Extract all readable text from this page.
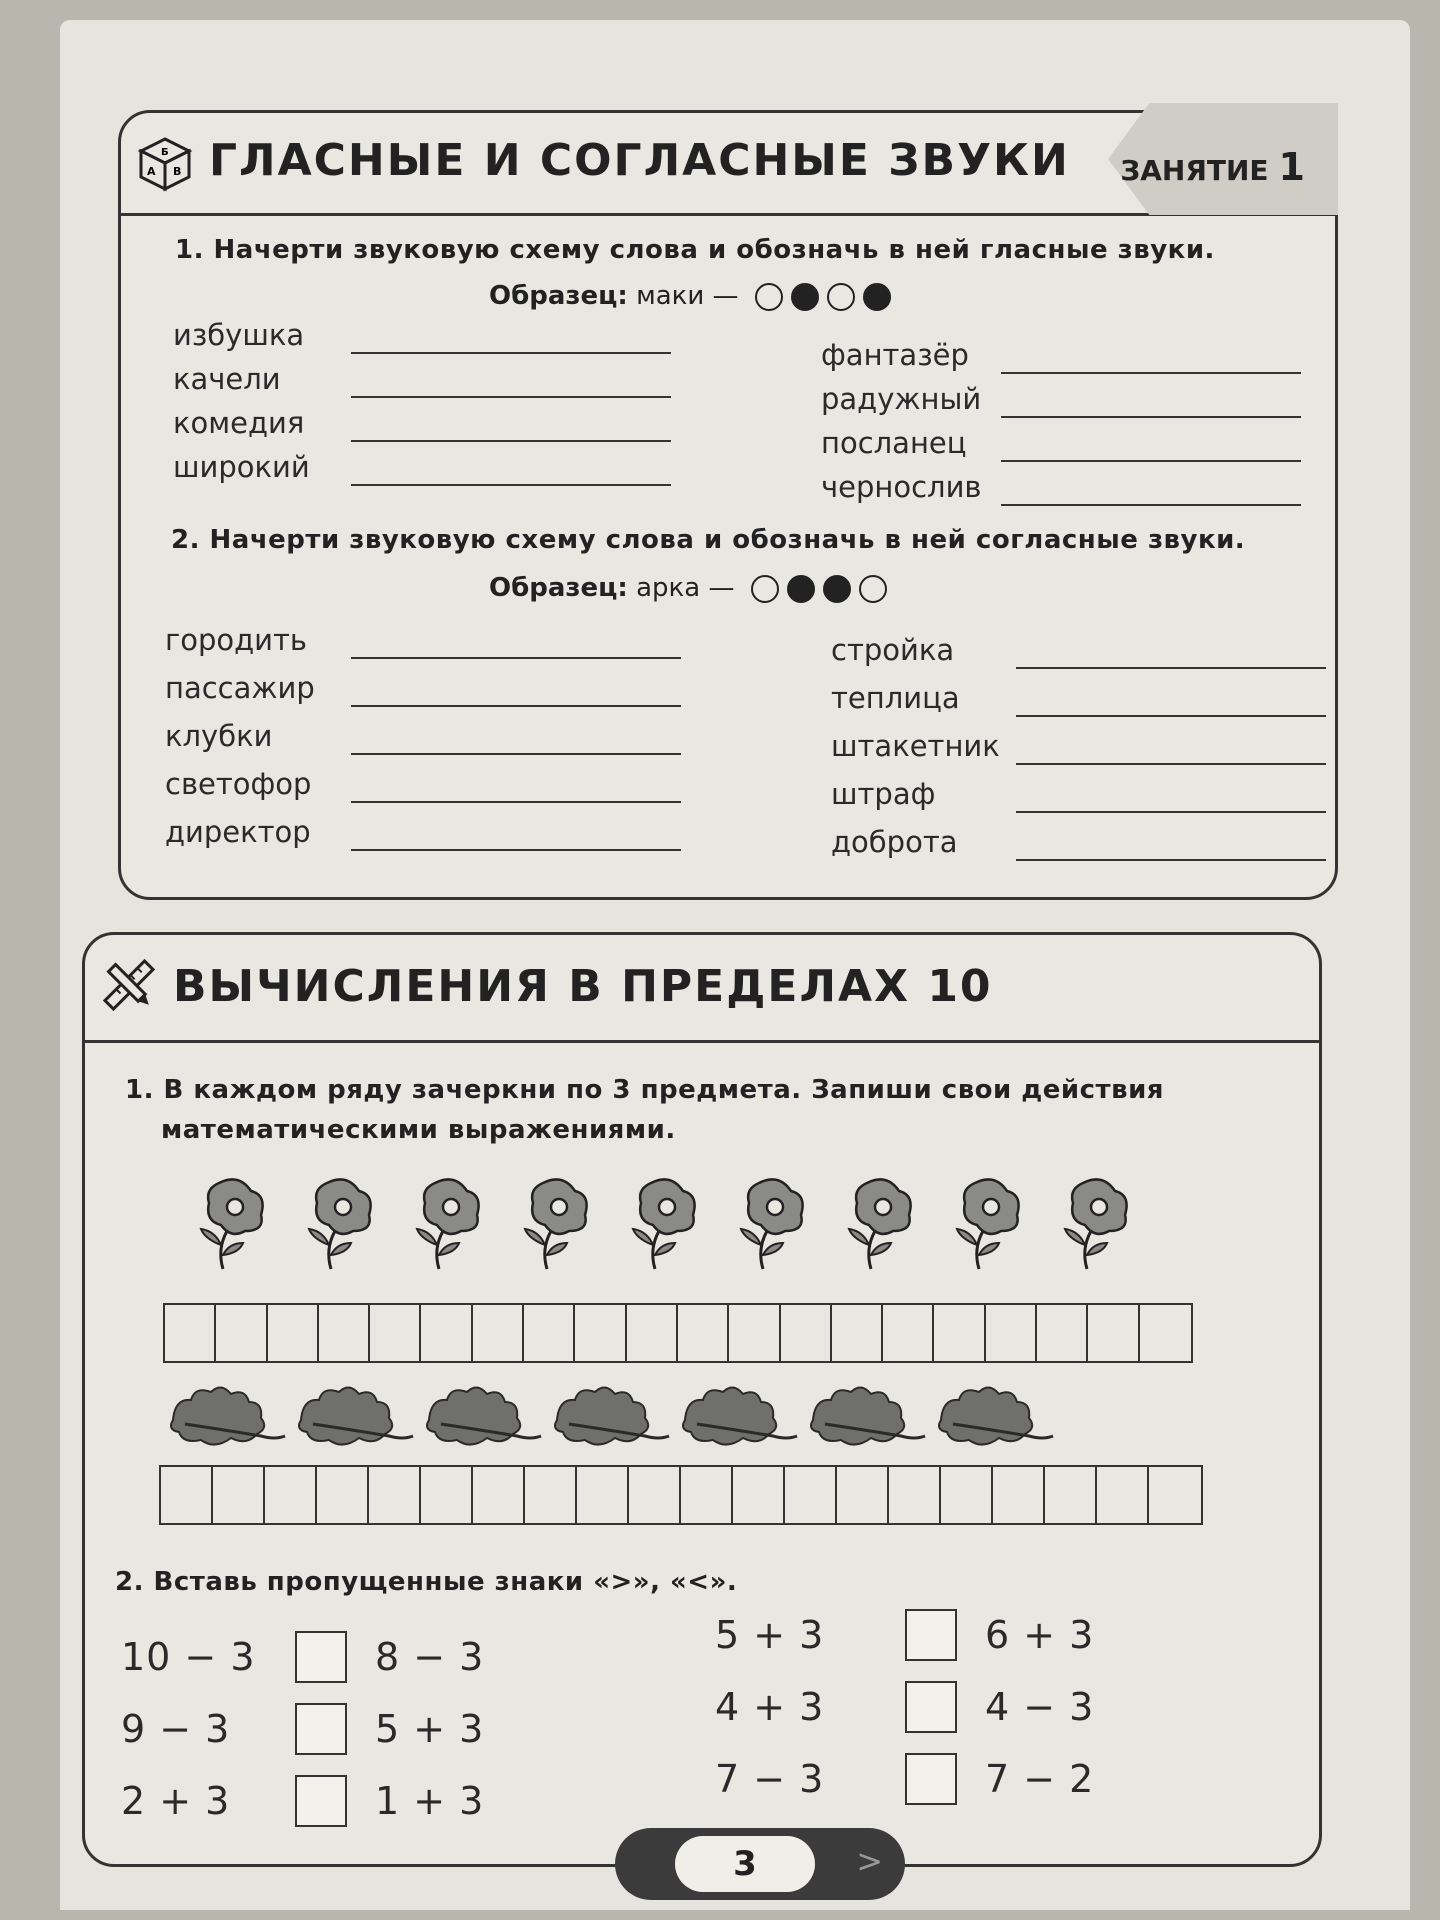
Б
А В ГЛАСНЫЕ И СОГЛАСНЫЕ ЗВУКИ ЗАНЯТИЕ 1
1. Начерти звуковую схему слова и обозначь в ней гласные звуки.
Образец: маки —
избушка
качели
комедия
широкий
фантазёр
радужный
посланец
чернослив
2. Начерти звуковую схему слова и обозначь в ней согласные звуки.
Образец: арка —
городить
пассажир
клубки
светофор
директор
стройка
теплица
штакетник
штраф
доброта
ВЫЧИСЛЕНИЯ В ПРЕДЕЛАХ 10
1. В каждом ряду зачеркни по 3 предмета. Запиши свои действия
математическими выражениями.
2. Вставь пропущенные знаки «>», «<».
10 − 3	8 − 3
9 − 3	5 + 3
2 + 3	1 + 3
5 + 3	6 + 3
4 + 3	4 − 3
7 − 3	7 − 2
3	>
